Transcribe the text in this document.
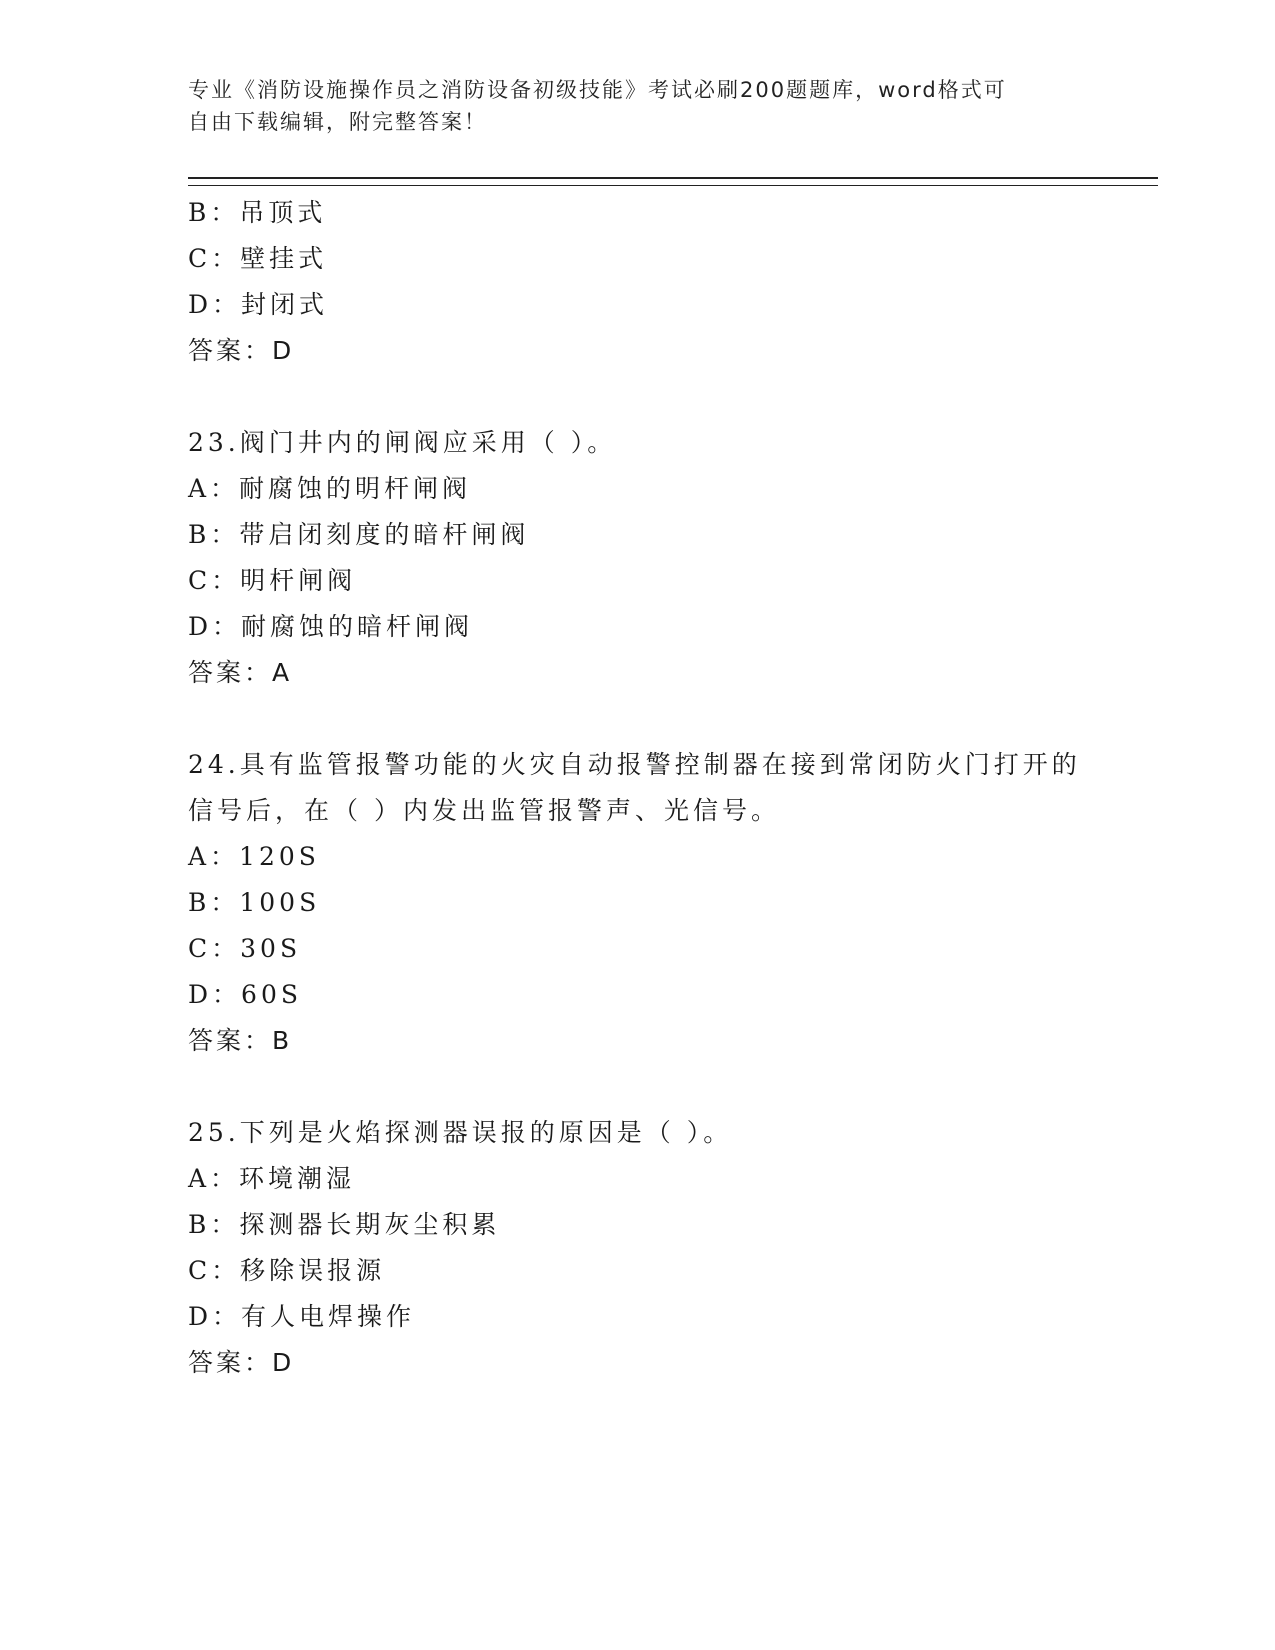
专业《消防设施操作员之消防设备初级技能》考试必刷200题题库，word格式可
自由下载编辑，附完整答案！
B：吊顶式
C：壁挂式
D：封闭式
答案：D
23.阀门井内的闸阀应采用（ ）。
A：耐腐蚀的明杆闸阀
B：带启闭刻度的暗杆闸阀
C：明杆闸阀
D：耐腐蚀的暗杆闸阀
答案：A
24.具有监管报警功能的火灾自动报警控制器在接到常闭防火门打开的
信号后，在（ ）内发出监管报警声、光信号。
A：120S
B：100S
C：30S
D：60S
答案：B
25.下列是火焰探测器误报的原因是（ ）。
A：环境潮湿
B：探测器长期灰尘积累
C：移除误报源
D：有人电焊操作
答案：D
